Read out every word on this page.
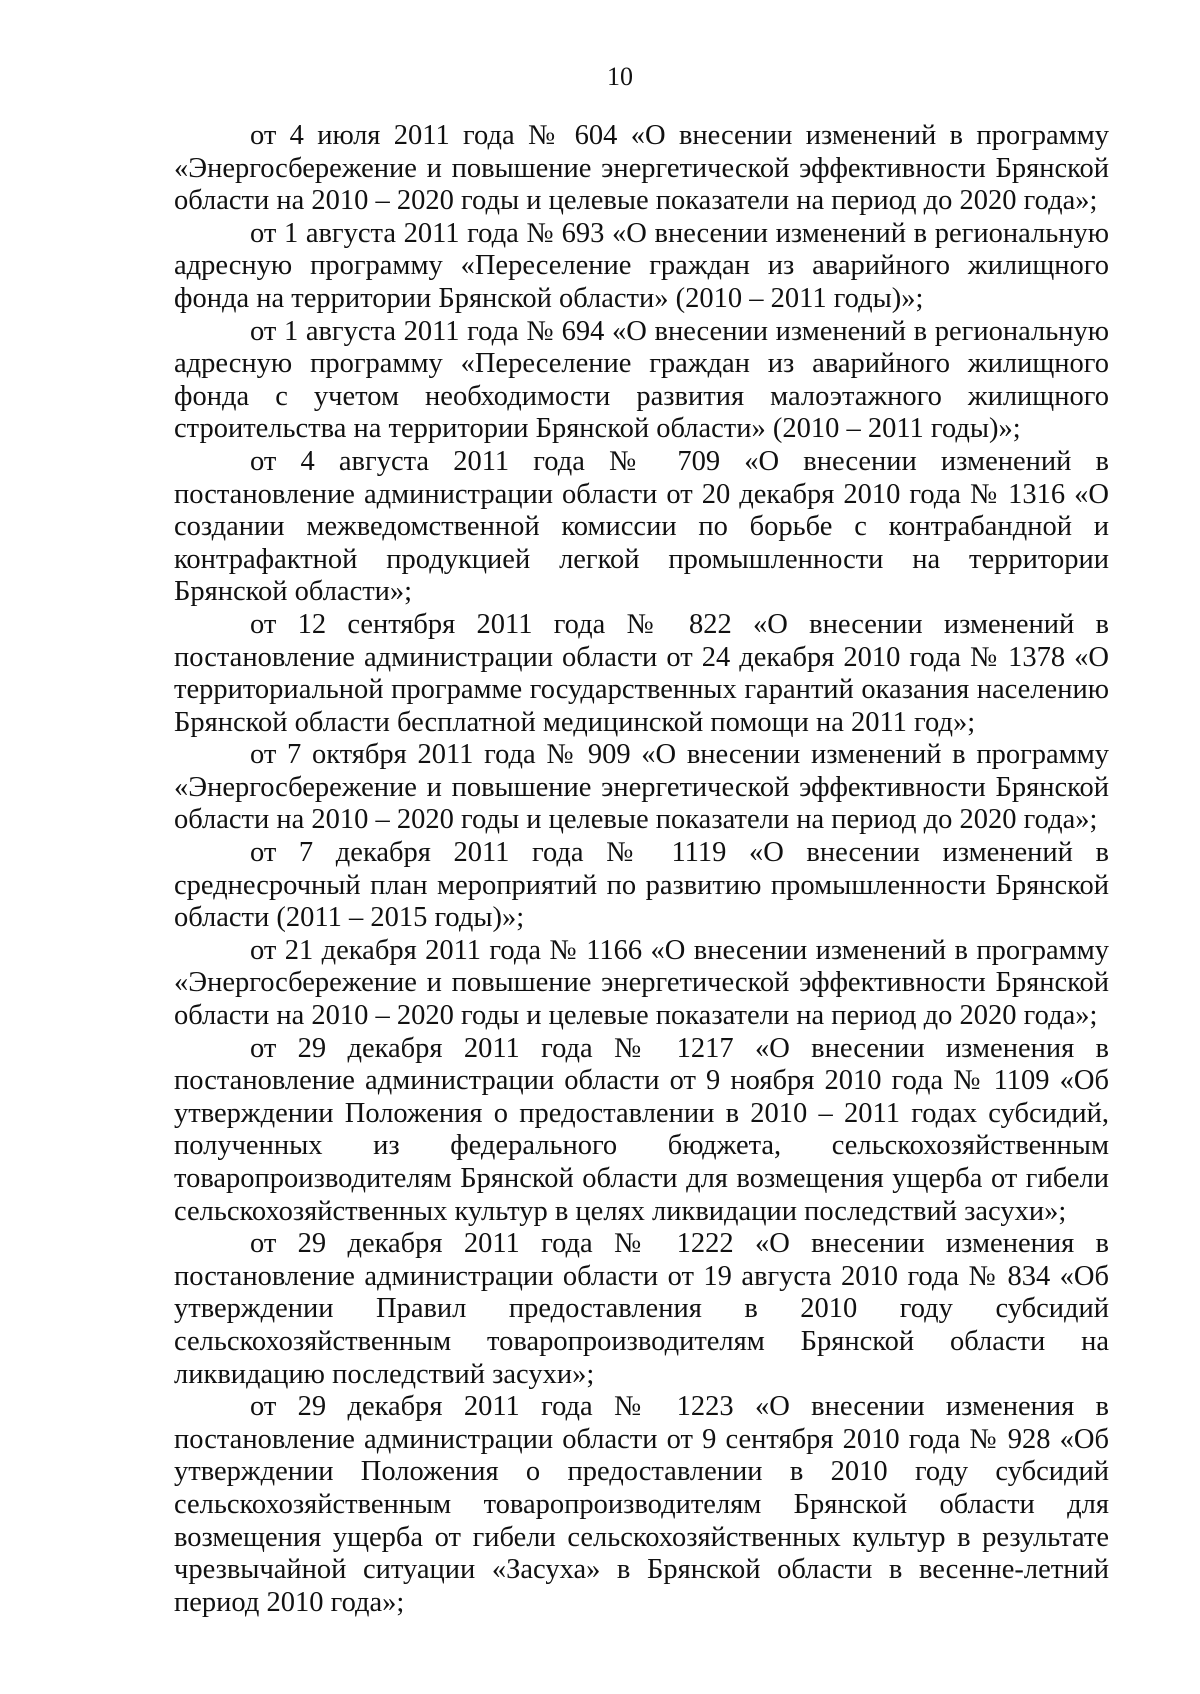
10

от 4 июля 2011 года № 604 «О внесении изменений в программу «Энергосбережение и повышение энергетической эффективности Брянской области на 2010 – 2020 годы и целевые показатели на период до 2020 года»;

от 1 августа 2011 года № 693 «О внесении изменений в региональную адресную программу «Переселение граждан из аварийного жилищного фонда на территории Брянской области» (2010 – 2011 годы)»;

от 1 августа 2011 года № 694 «О внесении изменений в региональную адресную программу «Переселение граждан из аварийного жилищного фонда с учетом необходимости развития малоэтажного жилищного строительства на территории Брянской области» (2010 – 2011 годы)»;

от 4 августа 2011 года № 709 «О внесении изменений в постановление администрации области от 20 декабря 2010 года № 1316 «О создании межведомственной комиссии по борьбе с контрабандной и контрафактной продукцией легкой промышленности на территории Брянской области»;

от 12 сентября 2011 года № 822 «О внесении изменений в постановление администрации области от 24 декабря 2010 года № 1378 «О территориальной программе государственных гарантий оказания населению Брянской области бесплатной медицинской помощи на 2011 год»;

от 7 октября 2011 года № 909 «О внесении изменений в программу «Энергосбережение и повышение энергетической эффективности Брянской области на 2010 – 2020 годы и целевые показатели на период до 2020 года»;

от 7 декабря 2011 года № 1119 «О внесении изменений в среднесрочный план мероприятий по развитию промышленности Брянской области (2011 – 2015 годы)»;

от 21 декабря 2011 года № 1166 «О внесении изменений в программу «Энергосбережение и повышение энергетической эффективности Брянской области на 2010 – 2020 годы и целевые показатели на период до 2020 года»;

от 29 декабря 2011 года № 1217 «О внесении изменения в постановление администрации области от 9 ноября 2010 года № 1109 «Об утверждении Положения о предоставлении в 2010 – 2011 годах субсидий, полученных из федерального бюджета, сельскохозяйственным товаропроизводителям Брянской области для возмещения ущерба от гибели сельскохозяйственных культур в целях ликвидации последствий засухи»;

от 29 декабря 2011 года № 1222 «О внесении изменения в постановление администрации области от 19 августа 2010 года № 834 «Об утверждении Правил предоставления в 2010 году субсидий сельскохозяйственным товаропроизводителям Брянской области на ликвидацию последствий засухи»;

от 29 декабря 2011 года № 1223 «О внесении изменения в постановление администрации области от 9 сентября 2010 года № 928 «Об утверждении Положения о предоставлении в 2010 году субсидий сельскохозяйственным товаропроизводителям Брянской области для возмещения ущерба от гибели сельскохозяйственных культур в результате чрезвычайной ситуации «Засуха» в Брянской области в весенне-летний период 2010 года»;
